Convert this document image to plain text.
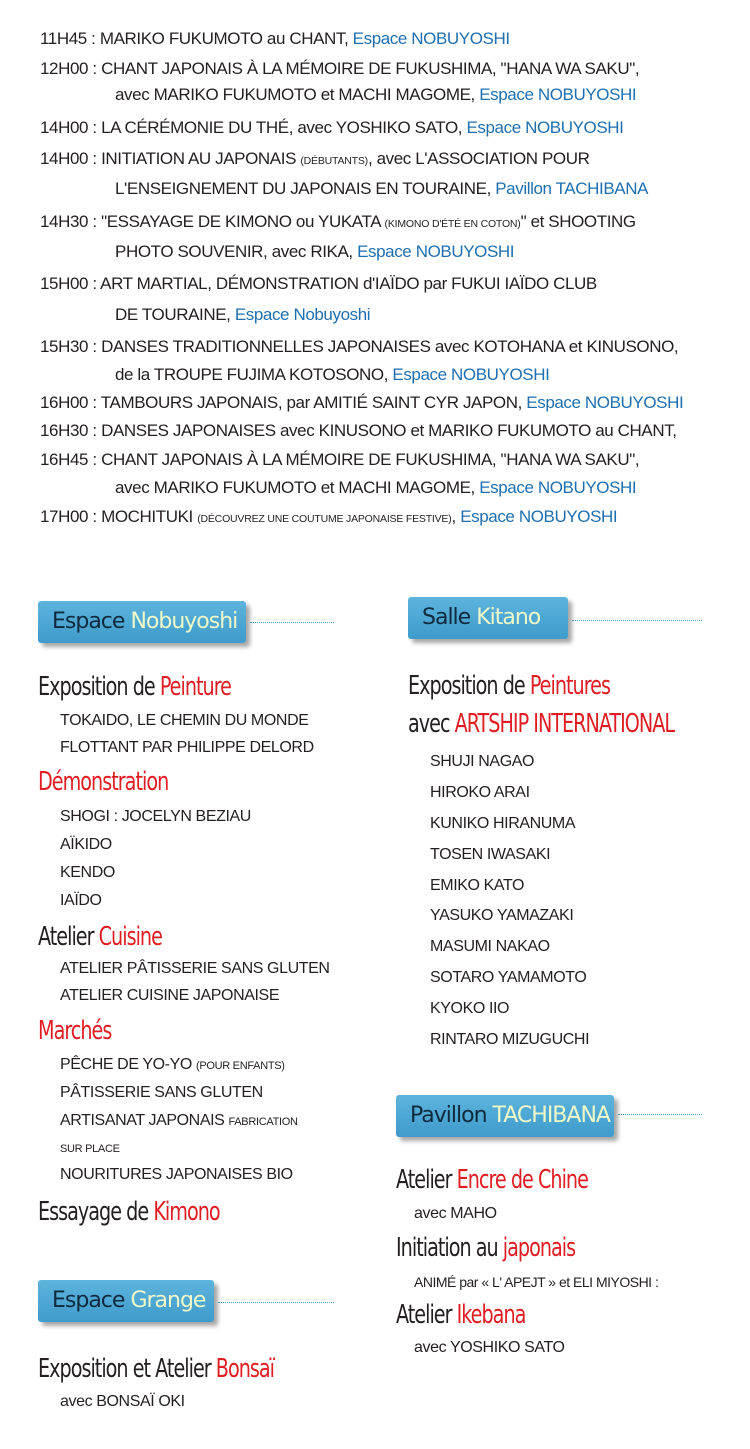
11H45 : MARIKO FUKUMOTO au CHANT, Espace NOBUYOSHI
12H00 : CHANT JAPONAIS À LA MÉMOIRE DE FUKUSHIMA, "HANA WA SAKU",
avec MARIKO FUKUMOTO et MACHI MAGOME, Espace NOBUYOSHI
14H00 : LA CÉRÉMONIE DU THÉ, avec YOSHIKO SATO, Espace NOBUYOSHI
14H00 : INITIATION AU JAPONAIS (DÉBUTANTS), avec L'ASSOCIATION POUR
L'ENSEIGNEMENT DU JAPONAIS EN TOURAINE, Pavillon TACHIBANA
14H30 : "ESSAYAGE DE KIMONO ou YUKATA (KIMONO D'ÉTÉ EN COTON)" et SHOOTING
PHOTO SOUVENIR, avec RIKA, Espace NOBUYOSHI
15H00 : ART MARTIAL, DÉMONSTRATION d'IAÏDO par FUKUI IAÏDO CLUB
DE TOURAINE, Espace Nobuyoshi
15H30 : DANSES TRADITIONNELLES JAPONAISES avec KOTOHANA et KINUSONO,
de la TROUPE FUJIMA KOTOSONO, Espace NOBUYOSHI
16H00 : TAMBOURS JAPONAIS, par AMITIÉ SAINT CYR JAPON, Espace NOBUYOSHI
16H30 : DANSES JAPONAISES avec KINUSONO et MARIKO FUKUMOTO au CHANT,
16H45 : CHANT JAPONAIS À LA MÉMOIRE DE FUKUSHIMA, "HANA WA SAKU",
avec MARIKO FUKUMOTO et MACHI MAGOME, Espace NOBUYOSHI
17H00 : MOCHITUKI (DÉCOUVREZ UNE COUTUME JAPONAISE FESTIVE), Espace NOBUYOSHI
Espace Nobuyoshi
Exposition de Peinture
TOKAIDO, LE CHEMIN DU MONDE
FLOTTANT PAR PHILIPPE DELORD
Démonstration
SHOGI : JOCELYN BEZIAU
AÏKIDO
KENDO
IAÏDO
Atelier Cuisine
ATELIER PÂTISSERIE SANS GLUTEN
ATELIER CUISINE JAPONAISE
Marchés
PÊCHE DE YO-YO (POUR ENFANTS)
PÂTISSERIE SANS GLUTEN
ARTISANAT JAPONAIS FABRICATION
SUR PLACE
NOURITURES JAPONAISES BIO
Essayage de Kimono
Espace Grange
Exposition et Atelier Bonsaï
avec BONSAÏ OKI
Salle Kitano
Exposition de Peintures
avec ARTSHIP INTERNATIONAL
SHUJI NAGAO
HIROKO ARAI
KUNIKO HIRANUMA
TOSEN IWASAKI
EMIKO KATO
YASUKO YAMAZAKI
MASUMI NAKAO
SOTARO YAMAMOTO
KYOKO IIO
RINTARO MIZUGUCHI
Pavillon TACHIBANA
Atelier Encre de Chine
avec MAHO
Initiation au japonais
ANIMÉ par « L' APEJT » et ELI MIYOSHI :
Atelier Ikebana
avec YOSHIKO SATO
